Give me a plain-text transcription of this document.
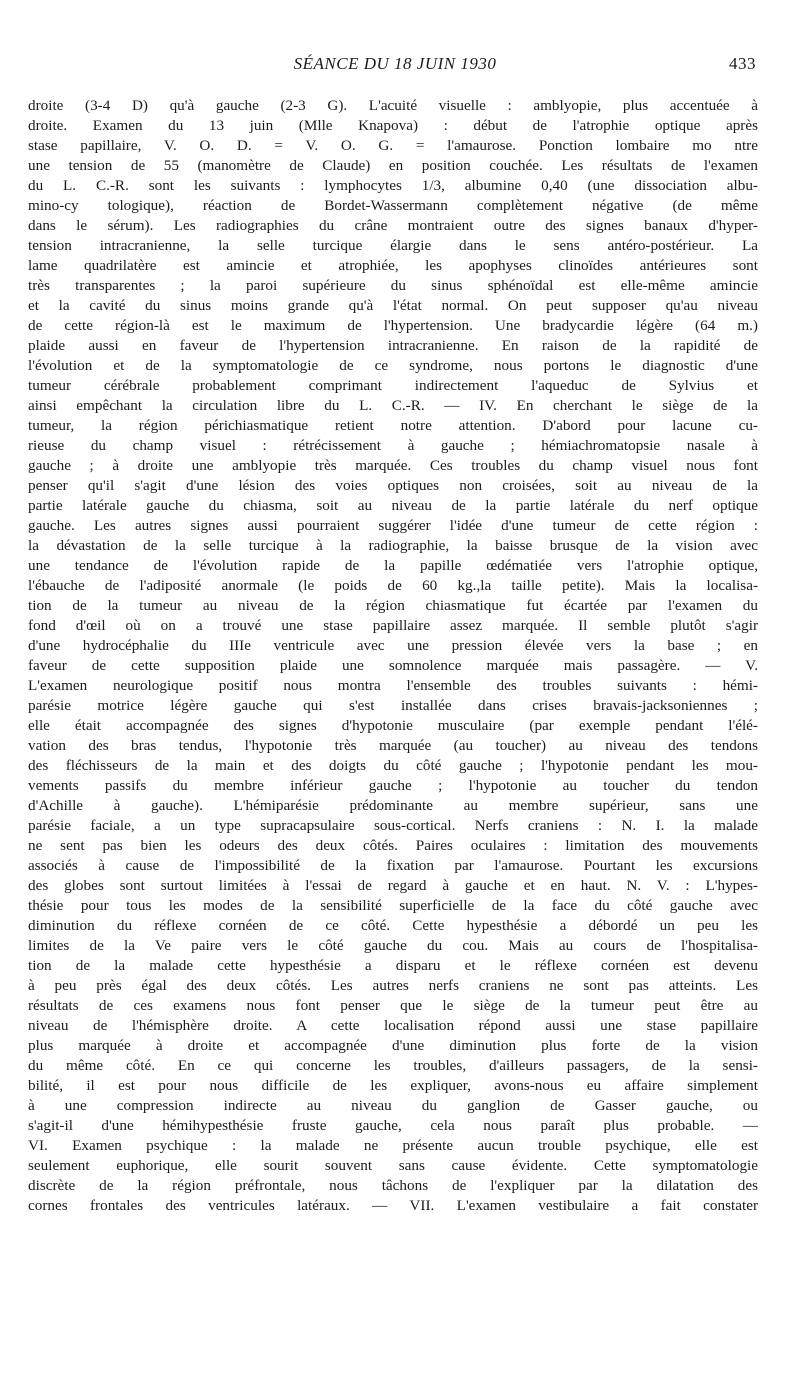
SÉANCE DU 18 JUIN 1930	433
droite (3-4 D) qu'à gauche (2-3 G). L'acuité visuelle : amblyopie, plus accentuée à
droite. Examen du 13 juin (Mlle Knapova) : début de l'atrophie optique après
stase papillaire, V. O. D. = V. O. G. = l'amaurose. Ponction lombaire mo ntre
une tension de 55 (manomètre de Claude) en position couchée. Les résultats de l'examen
du L. C.-R. sont les suivants : lymphocytes 1/3, albumine 0,40 (une dissociation albu-
mino-cy tologique), réaction de Bordet-Wassermann complètement négative (de même
dans le sérum). Les radiographies du crâne montraient outre des signes banaux d'hyper-
tension intracranienne, la selle turcique élargie dans le sens antéro-postérieur. La
lame quadrilatère est amincie et atrophiée, les apophyses clinoïdes antérieures sont
très transparentes ; la paroi supérieure du sinus sphénoïdal est elle-même amincie
et la cavité du sinus moins grande qu'à l'état normal. On peut supposer qu'au niveau
de cette région-là est le maximum de l'hypertension. Une bradycardie légère (64 m.)
plaide aussi en faveur de l'hypertension intracranienne. En raison de la rapidité de
l'évolution et de la symptomatologie de ce syndrome, nous portons le diagnostic d'une
tumeur cérébrale probablement comprimant indirectement l'aqueduc de Sylvius et
ainsi empêchant la circulation libre du L. C.-R. — IV. En cherchant le siège de la
tumeur, la région périchiasmatique retient notre attention. D'abord pour lacune cu-
rieuse du champ visuel : rétrécissement à gauche ; hémiachromatopsie nasale à
gauche ; à droite une amblyopie très marquée. Ces troubles du champ visuel nous font
penser qu'il s'agit d'une lésion des voies optiques non croisées, soit au niveau de la
partie latérale gauche du chiasma, soit au niveau de la partie latérale du nerf optique
gauche. Les autres signes aussi pourraient suggérer l'idée d'une tumeur de cette région :
la dévastation de la selle turcique à la radiographie, la baisse brusque de la vision avec
une tendance de l'évolution rapide de la papille œdématiée vers l'atrophie optique,
l'ébauche de l'adiposité anormale (le poids de 60 kg.,la taille petite). Mais la localisa-
tion de la tumeur au niveau de la région chiasmatique fut écartée par l'examen du
fond d'œil où on a trouvé une stase papillaire assez marquée. Il semble plutôt s'agir
d'une hydrocéphalie du IIIe ventricule avec une pression élevée vers la base ; en
faveur de cette supposition plaide une somnolence marquée mais passagère. — V.
L'examen neurologique positif nous montra l'ensemble des troubles suivants : hémi-
parésie motrice légère gauche qui s'est installée dans crises bravais-jacksoniennes ;
elle était accompagnée des signes d'hypotonie musculaire (par exemple pendant l'élé-
vation des bras tendus, l'hypotonie très marquée (au toucher) au niveau des tendons
des fléchisseurs de la main et des doigts du côté gauche ; l'hypotonie pendant les mou-
vements passifs du membre inférieur gauche ; l'hypotonie au toucher du tendon
d'Achille à gauche). L'hémiparésie prédominante au membre supérieur, sans une
parésie faciale, a un type supracapsulaire sous-cortical. Nerfs craniens : N. I. la malade
ne sent pas bien les odeurs des deux côtés. Paires oculaires : limitation des mouvements
associés à cause de l'impossibilité de la fixation par l'amaurose. Pourtant les excursions
des globes sont surtout limitées à l'essai de regard à gauche et en haut. N. V. : L'hypes-
thésie pour tous les modes de la sensibilité superficielle de la face du côté gauche avec
diminution du réflexe cornéen de ce côté. Cette hypesthésie a débordé un peu les
limites de la Ve paire vers le côté gauche du cou. Mais au cours de l'hospitalisa-
tion de la malade cette hypesthésie a disparu et le réflexe cornéen est devenu
à peu près égal des deux côtés. Les autres nerfs craniens ne sont pas atteints. Les
résultats de ces examens nous font penser que le siège de la tumeur peut être au
niveau de l'hémisphère droite. A cette localisation répond aussi une stase papillaire
plus marquée à droite et accompagnée d'une diminution plus forte de la vision
du même côté. En ce qui concerne les troubles, d'ailleurs passagers, de la sensi-
bilité, il est pour nous difficile de les expliquer, avons-nous eu affaire simplement
à une compression indirecte au niveau du ganglion de Gasser gauche, ou
s'agit-il d'une hémihypesthésie fruste gauche, cela nous paraît plus probable. —
VI. Examen psychique : la malade ne présente aucun trouble psychique, elle est
seulement euphorique, elle sourit souvent sans cause évidente. Cette symptomatologie
discrète de la région préfrontale, nous tâchons de l'expliquer par la dilatation des
cornes frontales des ventricules latéraux. — VII. L'examen vestibulaire a fait constater
